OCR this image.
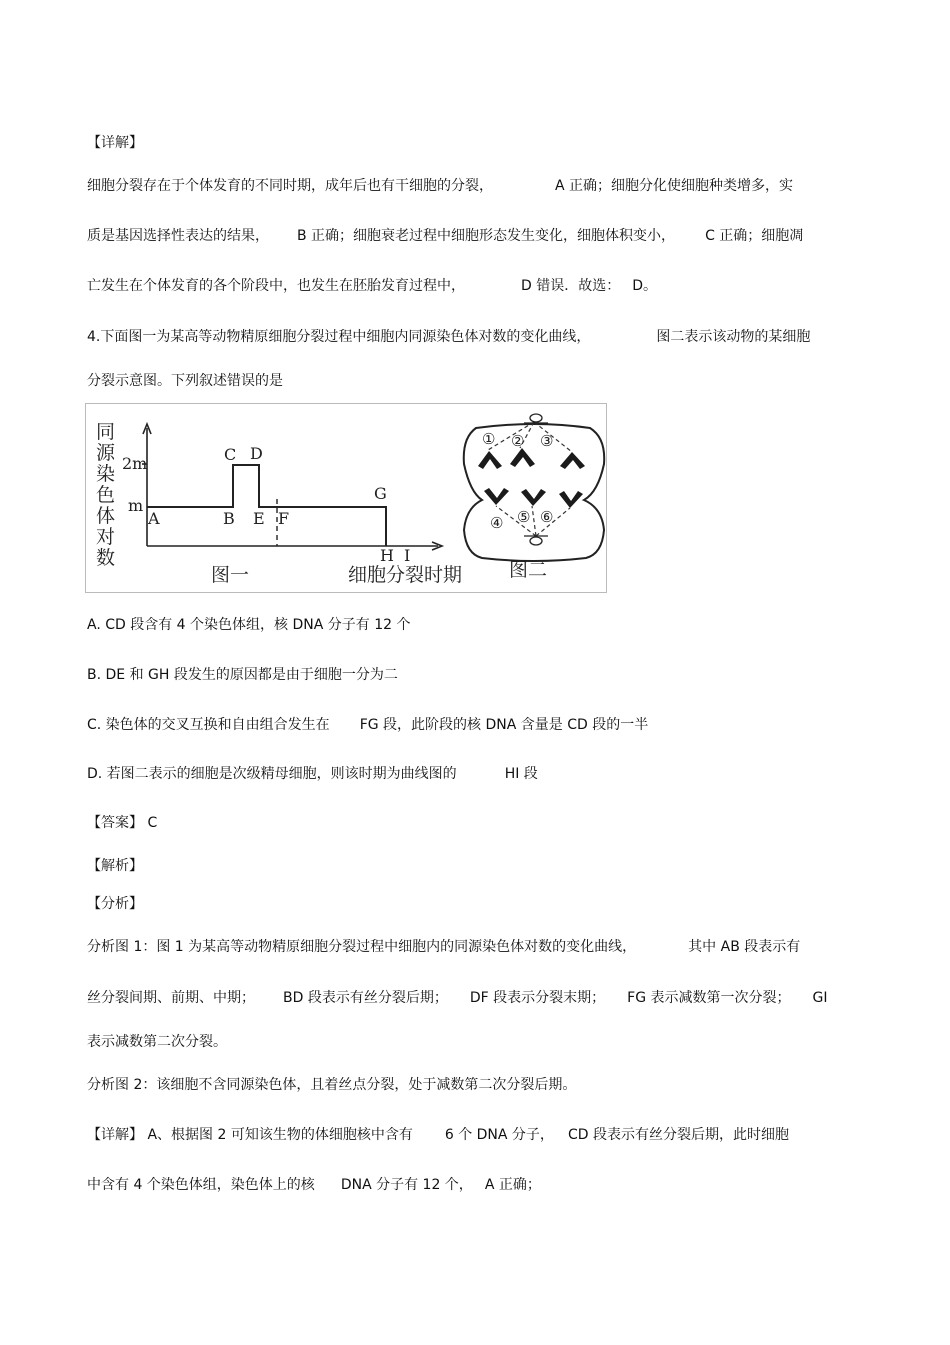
【详解】
细胞分裂存在于个体发育的不同时期，成年后也有干细胞的分裂，	A 正确；细胞分化使细胞种类增多，实
质是基因选择性表达的结果， B 正确；细胞衰老过程中细胞形态发生变化，细胞体积变小， C 正确；细胞凋
亡发生在个体发育的各个阶段中，也发生在胚胎发育过程中，	D 错误．故选： D。
4.下面图一为某高等动物精原细胞分裂过程中细胞内同源染色体对数的变化曲线，	图二表示该动物的某细胞
分裂示意图。下列叙述错误的是
同
源
染
色
体
对
数
2m
m
A	B
C D
E F
G
H I
图一	细胞分裂时期 图二
① ② ③
④ ⑤ ⑥
A. CD 段含有 4 个染色体组，核 DNA 分子有 12 个
B. DE 和 GH 段发生的原因都是由于细胞一分为二
C. 染色体的交叉互换和自由组合发生在 FG 段，此阶段的核 DNA 含量是 CD 段的一半
D. 若图二表示的细胞是次级精母细胞，则该时期为曲线图的	HI 段
【答案】 C
【解析】
【分析】
分析图 1：图 1 为某高等动物精原细胞分裂过程中细胞内的同源染色体对数的变化曲线，	其中 AB 段表示有
丝分裂间期、前期、中期； BD 段表示有丝分裂后期； DF 段表示分裂末期； FG 表示减数第一次分裂； GI
表示减数第二次分裂。
分析图 2：该细胞不含同源染色体，且着丝点分裂，处于减数第二次分裂后期。
【详解】 A、根据图 2 可知该生物的体细胞核中含有 6 个 DNA 分子， CD 段表示有丝分裂后期，此时细胞
中含有 4 个染色体组，染色体上的核 DNA 分子有 12 个， A 正确；
